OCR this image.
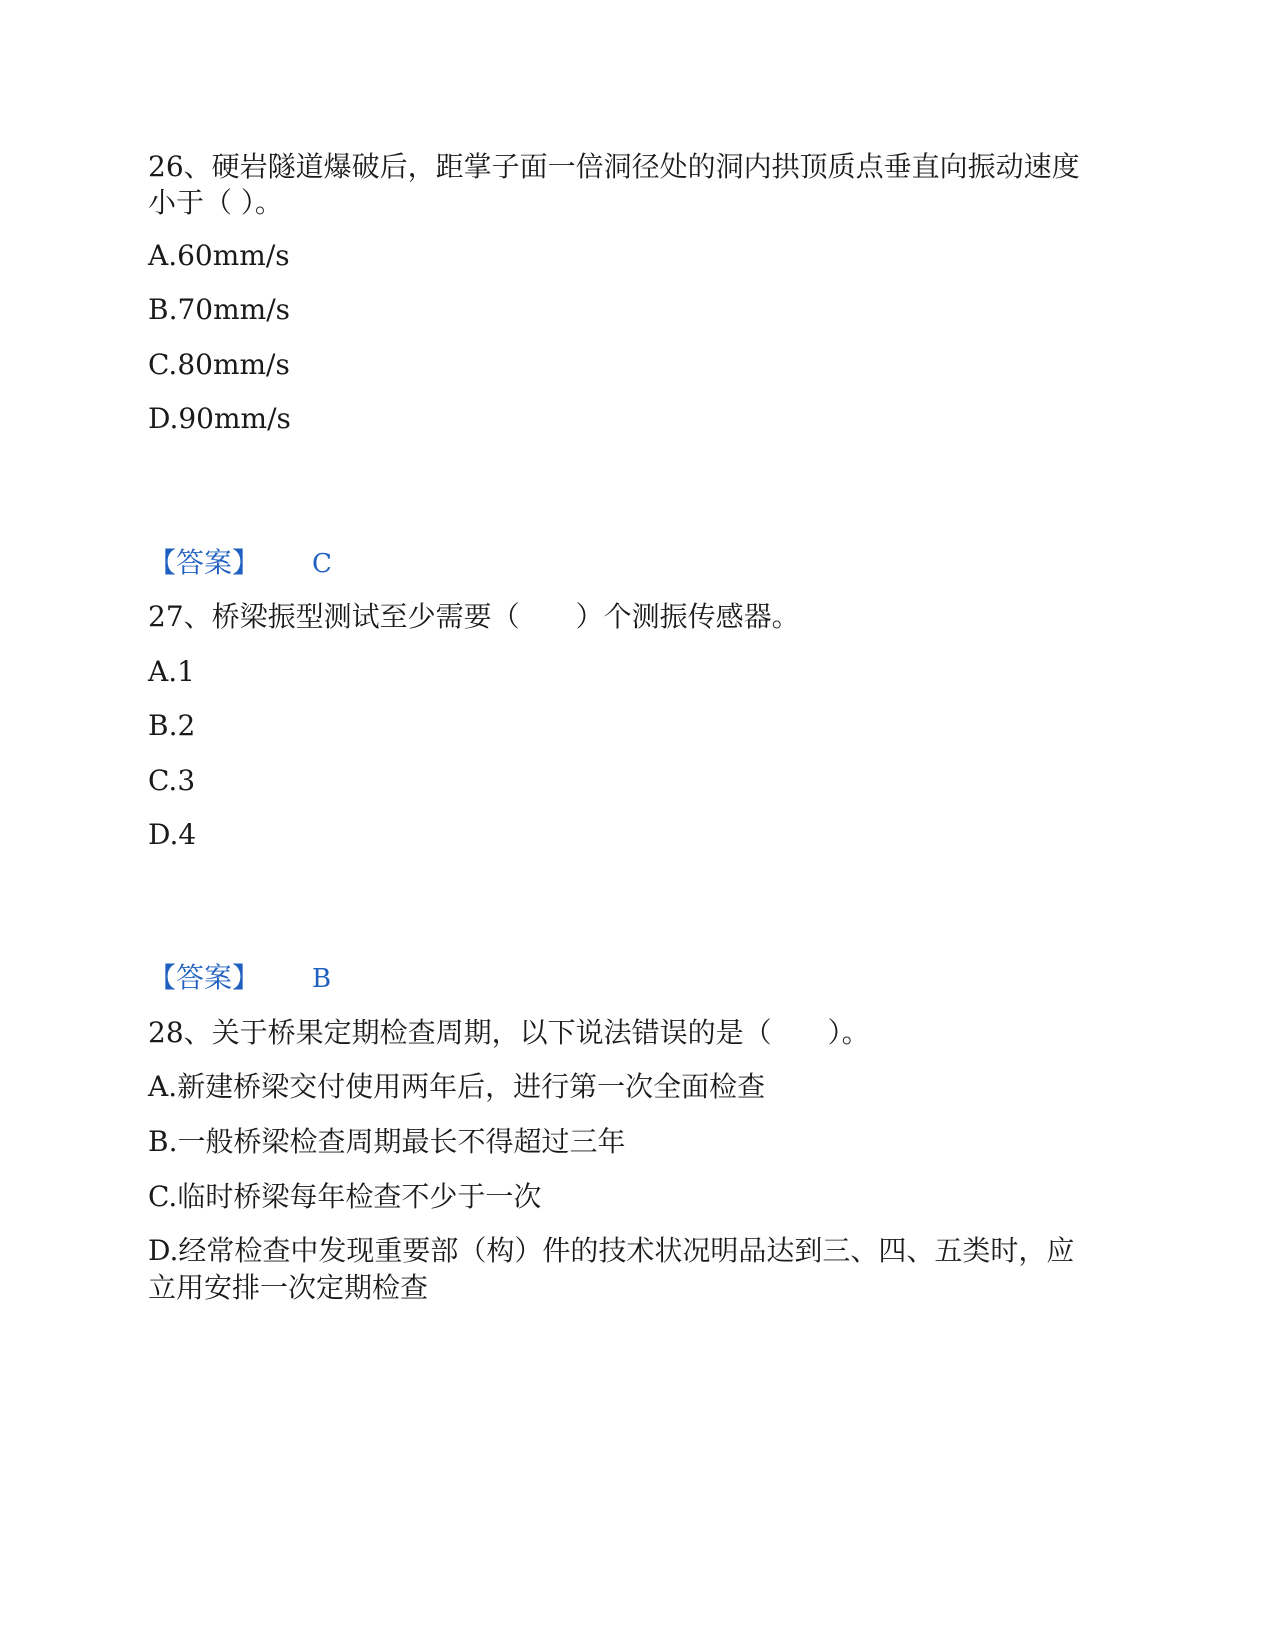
26、硬岩隧道爆破后，距掌子面一倍洞径处的洞内拱顶质点垂直向振动速度
小于（ ）。
A.60mm/s
B.70mm/s
C.80mm/s
D.90mm/s
【答案】 C
27、桥梁振型测试至少需要（　　）个测振传感器。
A.1
B.2
C.3
D.4
【答案】 B
28、关于桥果定期检查周期，以下说法错误的是（　　）。
A.新建桥梁交付使用两年后，进行第一次全面检查
B.一般桥梁检查周期最长不得超过三年
C.临时桥梁每年检查不少于一次
D.经常检查中发现重要部（构）件的技术状况明品达到三、四、五类时，应
立用安排一次定期检查
